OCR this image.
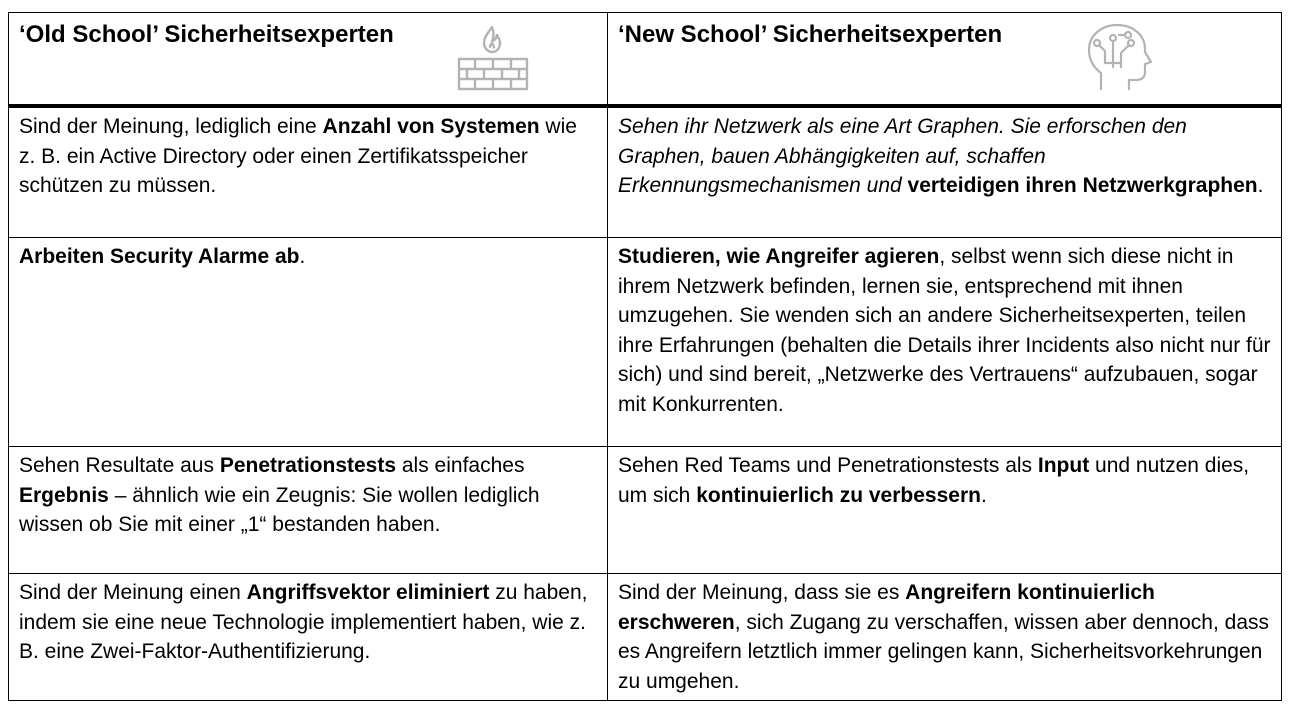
‘Old School’ Sicherheitsexperten	‘New School’ Sicherheitsexperten

Sind der Meinung, lediglich eine Anzahl von Systemen wie z. B. ein Active Directory oder einen Zertifikatsspeicher schützen zu müssen.	Sehen ihr Netzwerk als eine Art Graphen. Sie erforschen den Graphen, bauen Abhängigkeiten auf, schaffen Erkennungsmechanismen und verteidigen ihren Netzwerkgraphen.
Arbeiten Security Alarme ab.	Studieren, wie Angreifer agieren, selbst wenn sich diese nicht in ihrem Netzwerk befinden, lernen sie, entsprechend mit ihnen umzugehen. Sie wenden sich an andere Sicherheitsexperten, teilen ihre Erfahrungen (behalten die Details ihrer Incidents also nicht nur für sich) und sind bereit, „Netzwerke des Vertrauens“ aufzubauen, sogar mit Konkurrenten.
Sehen Resultate aus Penetrationstests als einfaches Ergebnis – ähnlich wie ein Zeugnis: Sie wollen lediglich wissen ob Sie mit einer „1“ bestanden haben.	Sehen Red Teams und Penetrationstests als Input und nutzen dies, um sich kontinuierlich zu verbessern.
Sind der Meinung einen Angriffsvektor eliminiert zu haben, indem sie eine neue Technologie implementiert haben, wie z. B. eine Zwei-Faktor-Authentifizierung.	Sind der Meinung, dass sie es Angreifern kontinuierlich erschweren, sich Zugang zu verschaffen, wissen aber dennoch, dass es Angreifern letztlich immer gelingen kann, Sicherheitsvorkehrungen zu umgehen.
